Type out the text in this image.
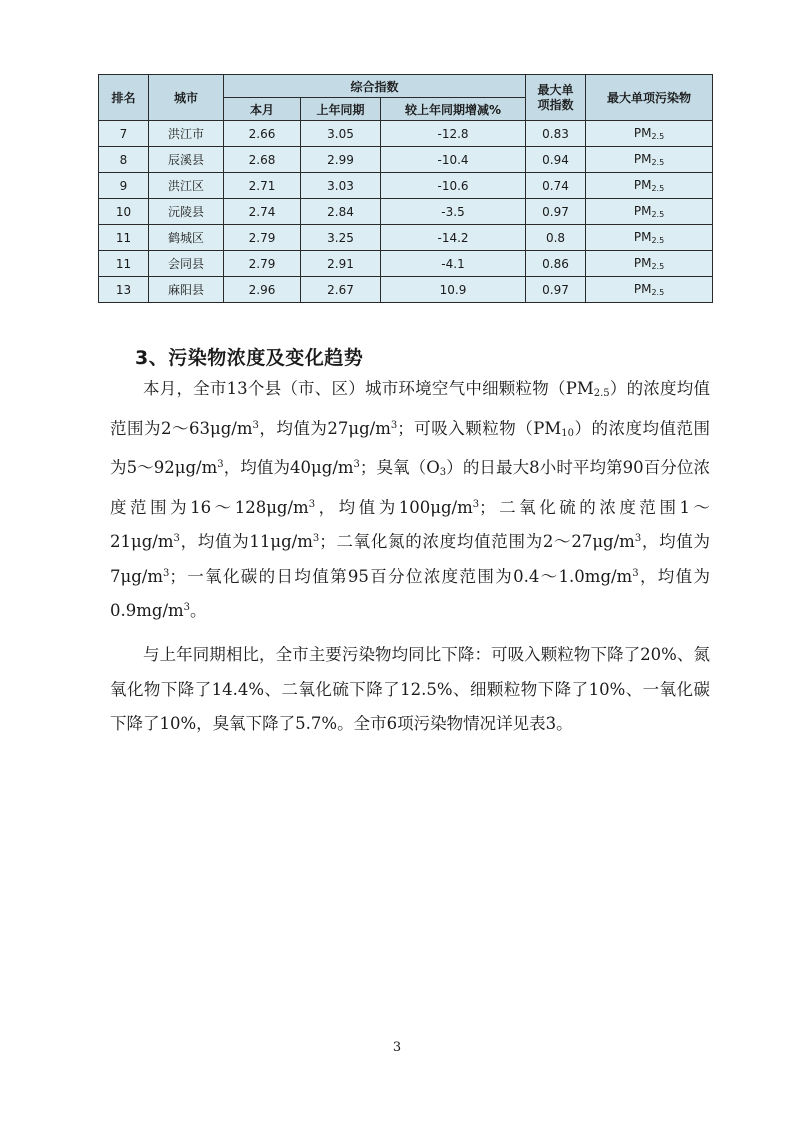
排名	城市	综合指数			最大单项指数	最大单项污染物
		本月	上年同期	较上年同期增减%		
7	洪江市	2.66	3.05	-12.8	0.83	$PM_{2.5}$
8	辰溪县	2.68	2.99	-10.4	0.94	$PM_{2.5}$
9	洪江区	2.71	3.03	-10.6	0.74	$PM_{2.5}$
10	沅陵县	2.74	2.84	-3.5	0.97	$PM_{2.5}$
11	鹤城区	2.79	3.25	-14.2	0.8	$PM_{2.5}$
11	会同县	2.79	2.91	-4.1	0.86	$PM_{2.5}$
13	麻阳县	2.96	2.67	10.9	0.97	$PM_{2.5}$
3、污染物浓度及变化趋势

本月，全市13个县（市、区）城市环境空气中细颗粒物$(PM_{2.5})$的浓度均值范围为$2\sim 63\mu g/m^3$，均值为$27\mu g/m^3$；可吸入颗粒物$(PM_{10})$的浓度均值范围为$5\sim 92\mu g/m^3$，均值为$40\mu g/m^3$；臭氧$(O_3)$的日最大8小时平均第90百分位浓度范围为$16\sim 128\mu g/m^3$，均值为$100\mu g/m^3$；二氧化硫的浓度范围$1\sim 21\mu g/m^3$，均值为$11\mu g/m^3$；二氧化氮的浓度均值范围为$2\sim 27\mu g/m^3$，均值为$7\mu g/m^3$；一氧化碳的日均值第95百分位浓度范围为$0.4\sim 1.0mg/m^3$，均值为$0.9mg/m^3$。

与上年同期相比，全市主要污染物均同比下降：可吸入颗粒物下降了20%、氮氧化物下降了14.4%、二氧化硫下降了12.5%、细颗粒物下降了10%、一氧化碳下降了10%，臭氧下降了5.7%。全市6项污染物情况详见表3。

3
